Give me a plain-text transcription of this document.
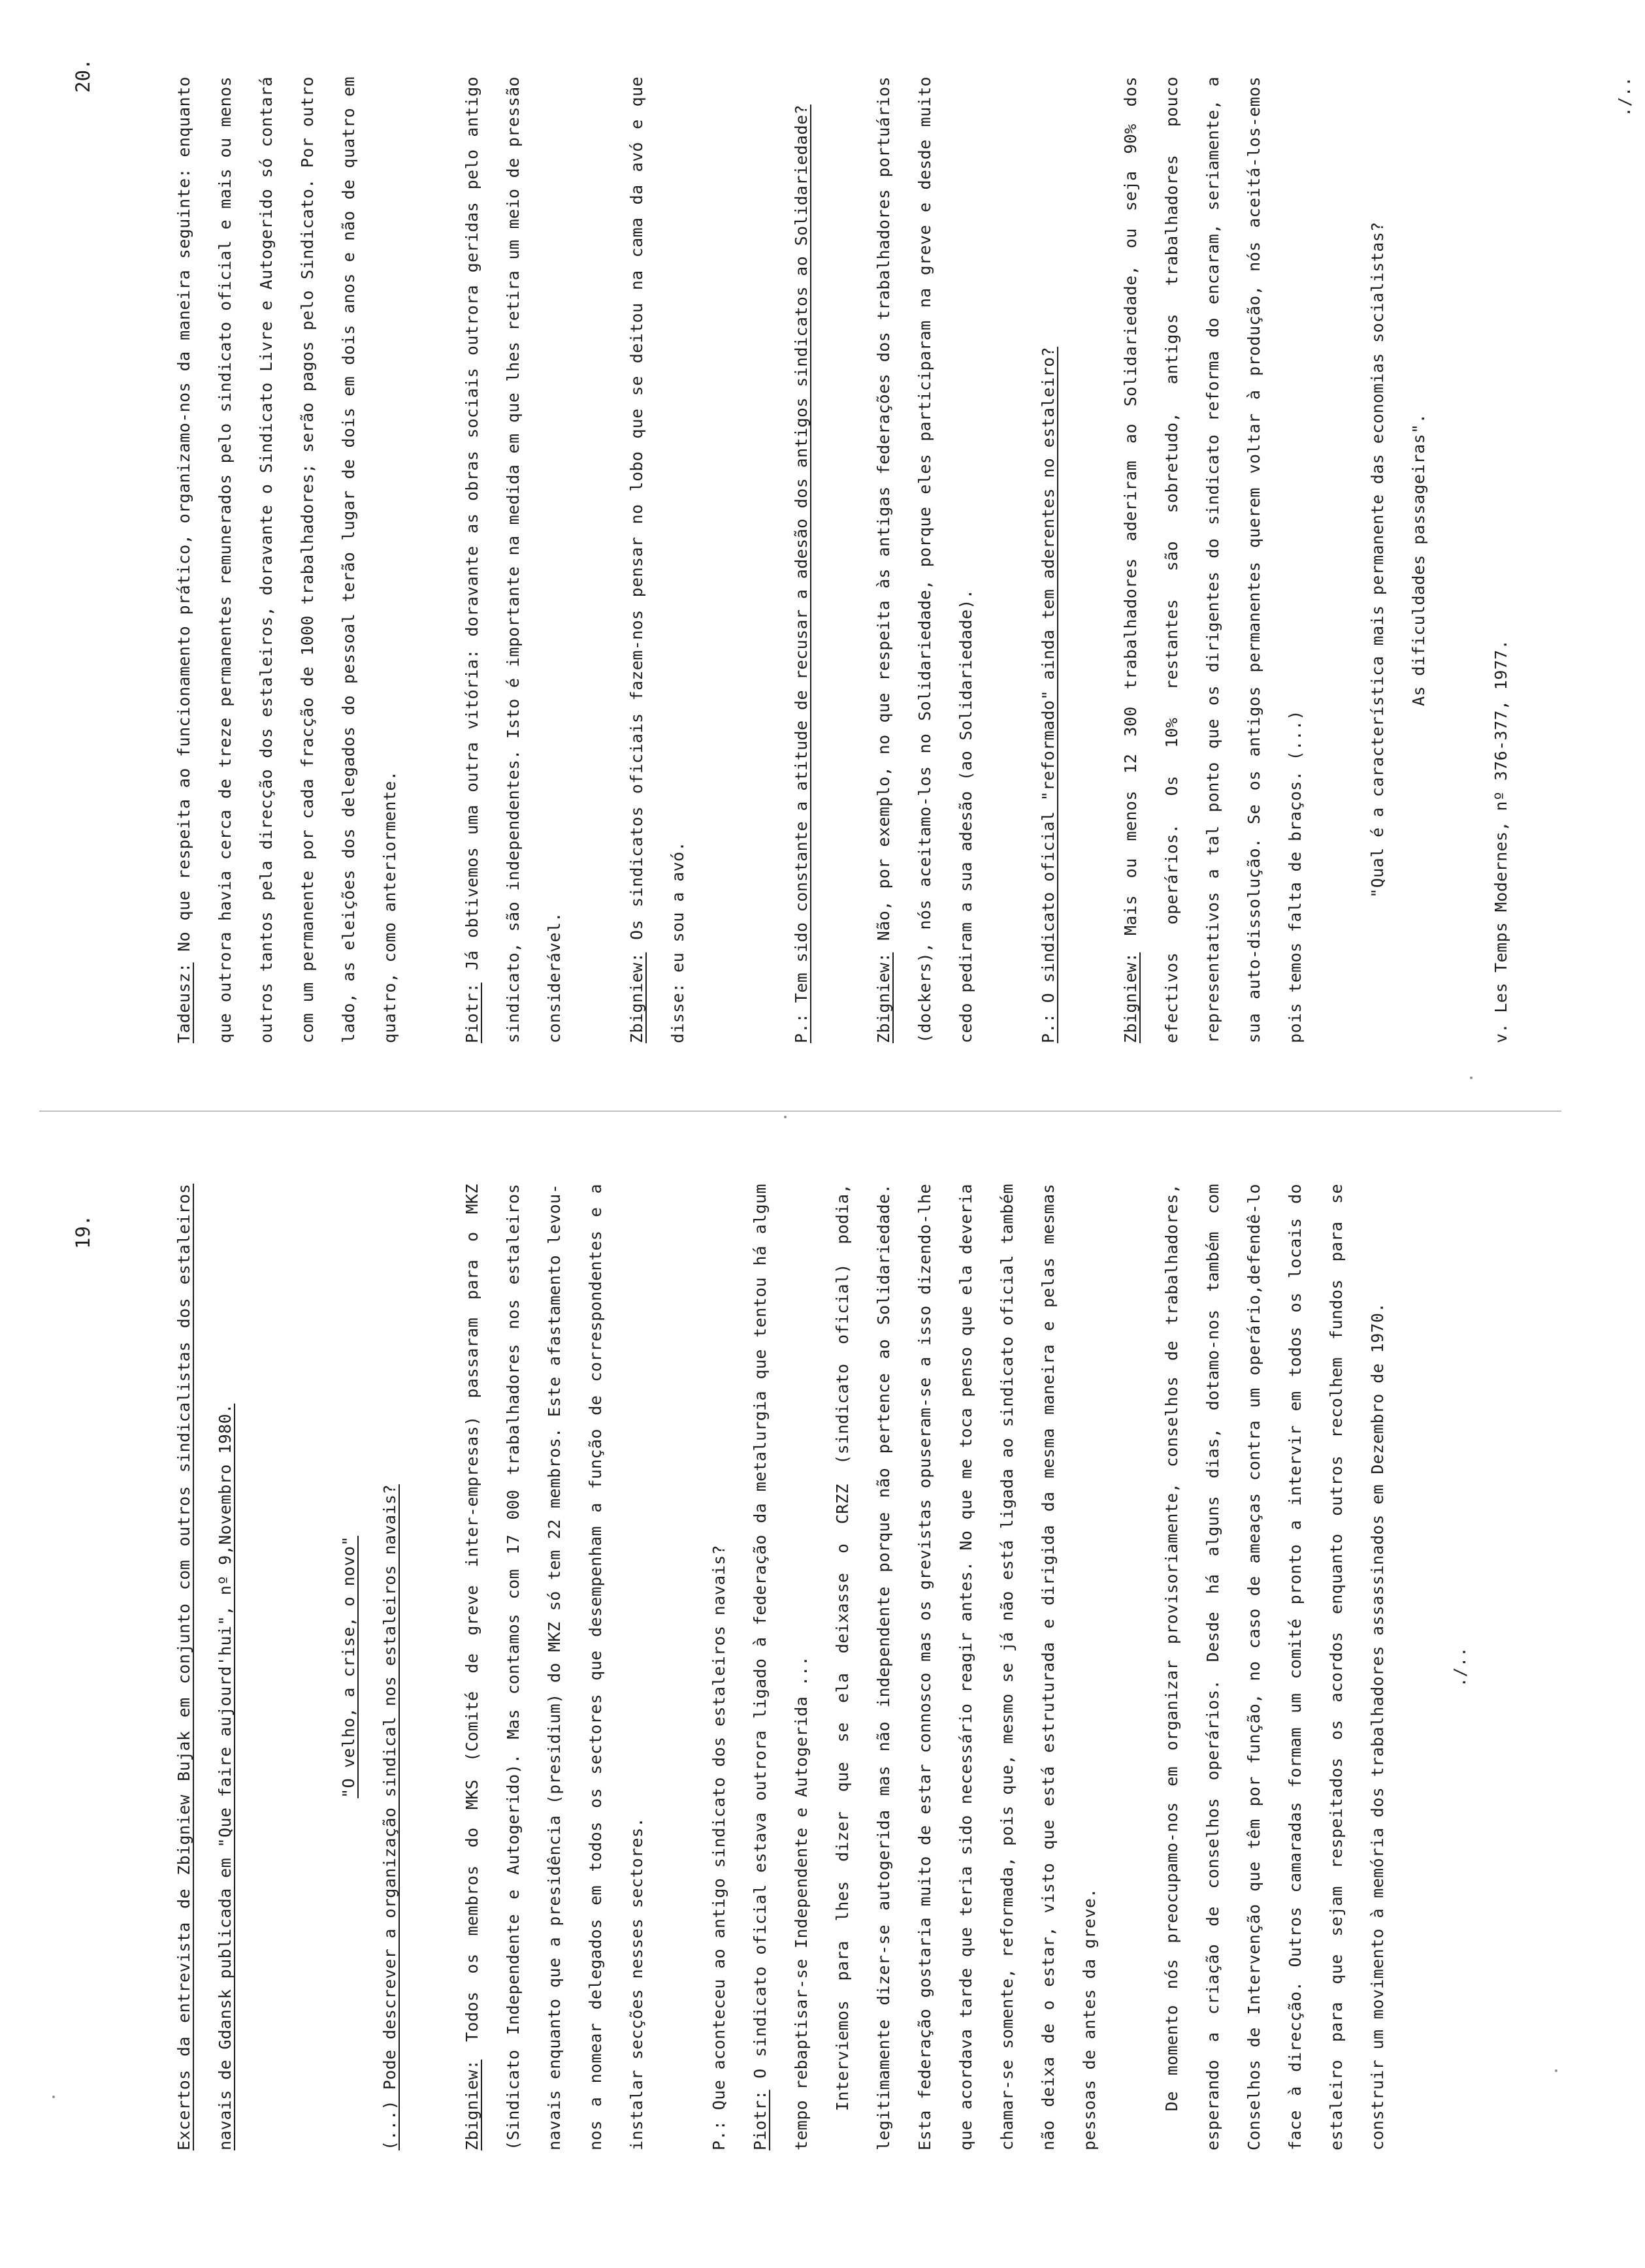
19.
20.

Excertos da entrevista de Zbigniew Bujak em conjunto com outros sindicalistas dos estaleiros navais de Gdansk publicada em "Que faire aujourd'hui", nº 9,Novembro 1980.	"O velho, a crise, o novo"	(...) Pode descrever a organização sindical nos estaleiros navais?	Zbigniew: Todos os membros do MKS (Comité de greve inter-empresas) passaram para o MKZ (Sindicato Independente e Autogerido). Mas contamos com 17 000 trabalhadores nos estaleiros navais enquanto que a presidência (presidium) do MKZ só tem 22 membros. Este afastamento levou-nos a nomear delegados em todos os sectores que desempenham a função de correspondentes e a instalar secções nesses sectores.	P.: Que aconteceu ao antigo sindicato dos estaleiros navais?	Piotr: O sindicato oficial estava outrora ligado à federação da metalurgia que tentou há algum tempo rebaptisar-se Independente e Autogerida ...	Interviemos para lhes dizer que se ela deixasse o CRZZ (sindicato oficial) podia, legitimamente dizer-se autogerida mas não independente porque não pertence ao Solidariedade. Esta federação gostaria muito de estar connosco mas os grevistas opuseram-se a isso dizendo-lhe que acordava tarde que teria sido necessário reagir antes. No que me toca penso que ela deveria chamar-se somente, reformada, pois que, mesmo se já não está ligada ao sindicato oficial também não deixa de o estar, visto que está estruturada e dirigida da mesma maneira e pelas mesmas pessoas de antes da greve.	De momento nós preocupamo-nos em organizar provisoriamente, conselhos de trabalhadores, esperando a criação de conselhos operários. Desde há alguns dias, dotamo-nos também com Conselhos de Intervenção que têm por função, no caso de ameaças contra um operário,defendê-lo face à direcção. Outros camaradas formam um comité pronto a intervir em todos os locais do estaleiro para que sejam respeitados os acordos enquanto outros recolhem fundos para se construir um movimento à memória dos trabalhadores assassinados em Dezembro de 1970.	./..

Tadeusz: No que respeita ao funcionamento prático, organizamo-nos da maneira seguinte: enquanto que outrora havia cerca de treze permanentes remunerados pelo sindicato oficial e mais ou menos outros tantos pela direcção dos estaleiros, doravante o Sindicato Livre e Autogerido só contará com um permanente por cada fracção de 1000 trabalhadores; serão pagos pelo Sindicato. Por outro lado, as eleições dos delegados do pessoal terão lugar de dois em dois anos e não de quatro em quatro, como anteriormente.	Piotr: Já obtivemos uma outra vitória: doravante as obras sociais outrora geridas pelo antigo sindicato, são independentes. Isto é importante na medida em que lhes retira um meio de pressão considerável.	Zbigniew: Os sindicatos oficiais fazem-nos pensar no lobo que se deitou na cama da avó e que disse: eu sou a avó.	P.: Tem sido constante a atitude de recusar a adesão dos antigos sindicatos ao Solidariedade?	Zbigniew: Não, por exemplo, no que respeita às antigas federações dos trabalhadores portuários (dockers), nós aceitamo-los no Solidariedade, porque eles participaram na greve e desde muito cedo pediram a sua adesão (ao Solidariedade).	P.: O sindicato oficial "reformado" ainda tem aderentes no estaleiro?	Zbigniew: Mais ou menos 12 300 trabalhadores aderiram ao Solidariedade, ou seja 90% dos efectivos operários. Os 10% restantes são sobretudo, antigos trabalhadores pouco representativos a tal ponto que os dirigentes do sindicato reforma do encaram, seriamente, a sua auto-dissolução. Se os antigos permanentes querem voltar à produção, nós aceitá-los-emos pois temos falta de braços. (...)	"Qual é a característica mais permanente das economias socialistas?	As dificuldades passageiras".

v. Les Temps Modernes, nº 376-377, 1977.

./..
